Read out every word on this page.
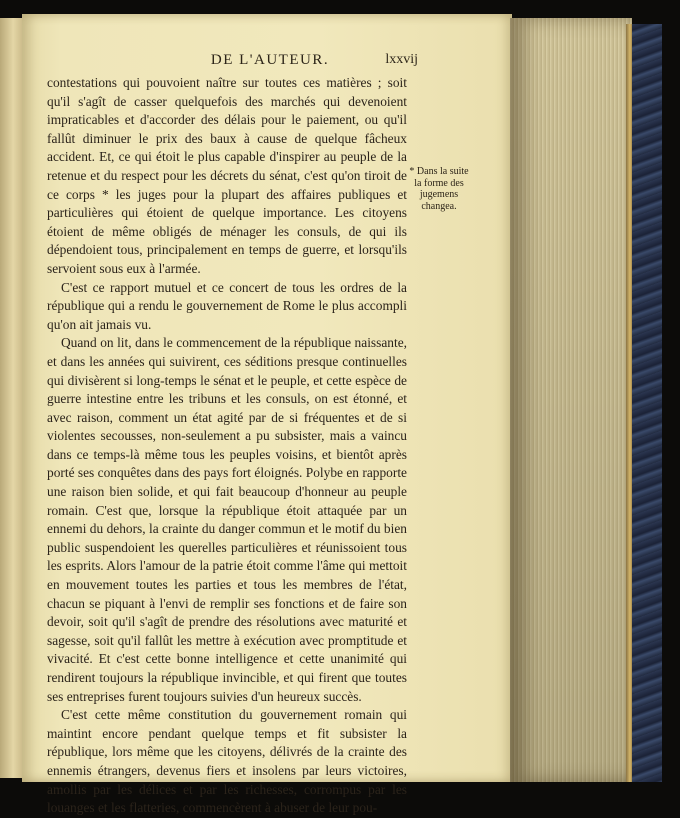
DE L'AUTEUR.	lxxvij

contestations qui pouvoient naître sur toutes ces matières ; soit qu'il s'agît de casser quelquefois des marchés qui devenoient impraticables et d'accorder des délais pour le paiement, ou qu'il fallût diminuer le prix des baux à cause de quelque fâcheux accident. Et, ce qui étoit le plus capable d'inspirer au peuple de la retenue et du respect pour les décrets du sénat, c'est qu'on tiroit de ce corps * les juges pour la plupart des affaires publiques et particulières qui étoient de quelque importance. Les citoyens étoient de même obligés de ménager les consuls, de qui ils dépendoient tous, principalement en temps de guerre, et lorsqu'ils servoient sous eux à l'armée.

C'est ce rapport mutuel et ce concert de tous les ordres de la république qui a rendu le gouvernement de Rome le plus accompli qu'on ait jamais vu.

Quand on lit, dans le commencement de la république naissante, et dans les années qui suivirent, ces séditions presque continuelles qui divisèrent si long-temps le sénat et le peuple, et cette espèce de guerre intestine entre les tribuns et les consuls, on est étonné, et avec raison, comment un état agité par de si fréquentes et de si violentes secousses, non-seulement a pu subsister, mais a vaincu dans ce temps-là même tous les peuples voisins, et bientôt après porté ses conquêtes dans des pays fort éloignés. Polybe en rapporte une raison bien solide, et qui fait beaucoup d'honneur au peuple romain. C'est que, lorsque la république étoit attaquée par un ennemi du dehors, la crainte du danger commun et le motif du bien public suspendoient les querelles particulières et réunissoient tous les esprits. Alors l'amour de la patrie étoit comme l'âme qui mettoit en mouvement toutes les parties et tous les membres de l'état, chacun se piquant à l'envi de remplir ses fonctions et de faire son devoir, soit qu'il s'agît de prendre des résolutions avec maturité et sagesse, soit qu'il fallût les mettre à exécution avec promptitude et vivacité. Et c'est cette bonne intelligence et cette unanimité qui rendirent toujours la république invincible, et qui firent que toutes ses entreprises furent toujours suivies d'un heureux succès.

C'est cette même constitution du gouvernement romain qui maintint encore pendant quelque temps et fit subsister la république, lors même que les citoyens, délivrés de la crainte des ennemis étrangers, devenus fiers et insolens par leurs victoires, amollis par les délices et par les richesses, corrompus par les louanges et les flatteries, commencèrent à abuser de leur pou-

* Dans la suite la forme des jugemens changea.
